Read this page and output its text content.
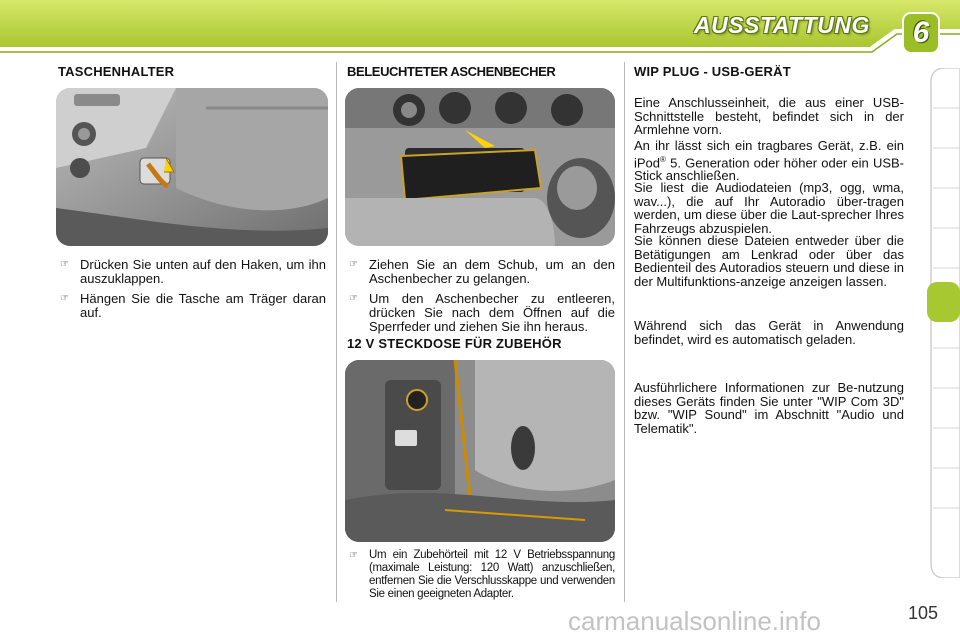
AUSSTATTUNG	6
TASCHENHALTER	BELEUCHTETER ASCHENBECHER	WIP PLUG - USB-GERÄT
☞ Drücken Sie unten auf den Haken, um ihn auszuklappen.
☞ Hängen Sie die Tasche am Träger daran auf.
☞ Ziehen Sie an dem Schub, um an den Aschenbecher zu gelangen.
☞ Um den Aschenbecher zu entleeren, drücken Sie nach dem Öffnen auf die Sperrfeder und ziehen Sie ihn heraus.
12 V STECKDOSE FÜR ZUBEHÖR
☞ Um ein Zubehörteil mit 12 V Betriebsspannung (maximale Leistung: 120 Watt) anzuschließen, entfernen Sie die Verschlusskappe und verwenden Sie einen geeigneten Adapter.

Eine Anschlusseinheit, die aus einer USB-Schnittstelle besteht, befindet sich in der Armlehne vorn.

An ihr lässt sich ein tragbares Gerät, z.B. ein iPod® 5. Generation oder höher oder ein USB-Stick anschließen.

Sie liest die Audiodateien (mp3, ogg, wma, wav...), die auf Ihr Autoradio über-tragen werden, um diese über die Laut-sprecher Ihres Fahrzeugs abzuspielen.

Sie können diese Dateien entweder über die Betätigungen am Lenkrad oder über das Bedienteil des Autoradios steuern und diese in der Multifunktions-anzeige anzeigen lassen.

Während sich das Gerät in Anwendung befindet, wird es automatisch geladen.

Ausführlichere Informationen zur Be-nutzung dieses Geräts finden Sie unter "WIP Com 3D" bzw. "WIP Sound" im Abschnitt "Audio und Telematik".

105
carmanualsonline.info
